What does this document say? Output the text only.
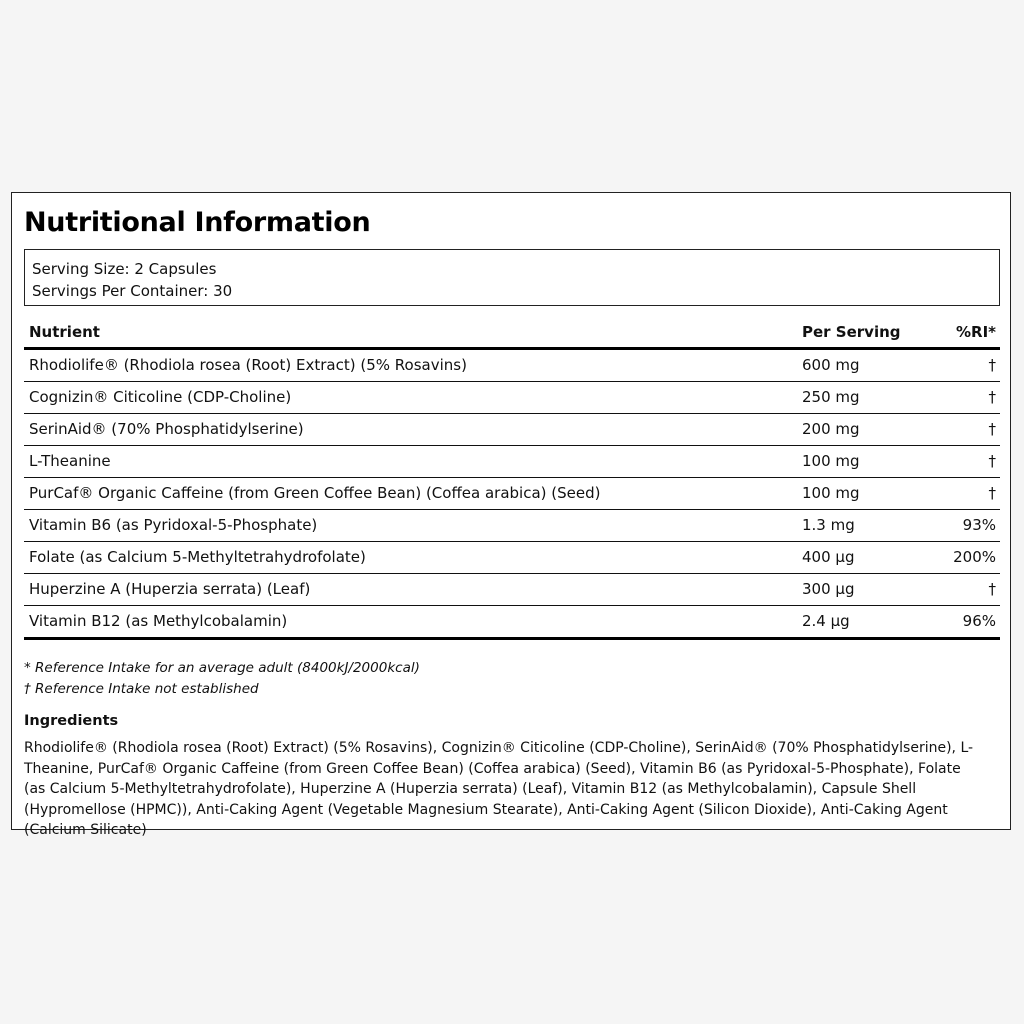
Nutritional Information
Serving Size: 2 Capsules
Servings Per Container: 30
Nutrient	Per Serving	%RI*
Rhodiolife® (Rhodiola rosea (Root) Extract) (5% Rosavins)	600 mg	†
Cognizin® Citicoline (CDP-Choline)	250 mg	†
SerinAid® (70% Phosphatidylserine)	200 mg	†
L-Theanine	100 mg	†
PurCaf® Organic Caffeine (from Green Coffee Bean) (Coffea arabica) (Seed)	100 mg	†
Vitamin B6 (as Pyridoxal-5-Phosphate)	1.3 mg	93%
Folate (as Calcium 5-Methyltetrahydrofolate)	400 µg	200%
Huperzine A (Huperzia serrata) (Leaf)	300 µg	†
Vitamin B12 (as Methylcobalamin)	2.4 µg	96%
* Reference Intake for an average adult (8400kJ/2000kcal)
† Reference Intake not established
Ingredients
Rhodiolife® (Rhodiola rosea (Root) Extract) (5% Rosavins), Cognizin® Citicoline (CDP-Choline), SerinAid® (70% Phosphatidylserine), L-Theanine, PurCaf® Organic Caffeine (from Green Coffee Bean) (Coffea arabica) (Seed), Vitamin B6 (as Pyridoxal-5-Phosphate), Folate (as Calcium 5-Methyltetrahydrofolate), Huperzine A (Huperzia serrata) (Leaf), Vitamin B12 (as Methylcobalamin), Capsule Shell (Hypromellose (HPMC)), Anti-Caking Agent (Vegetable Magnesium Stearate), Anti-Caking Agent (Silicon Dioxide), Anti-Caking Agent (Calcium Silicate)
